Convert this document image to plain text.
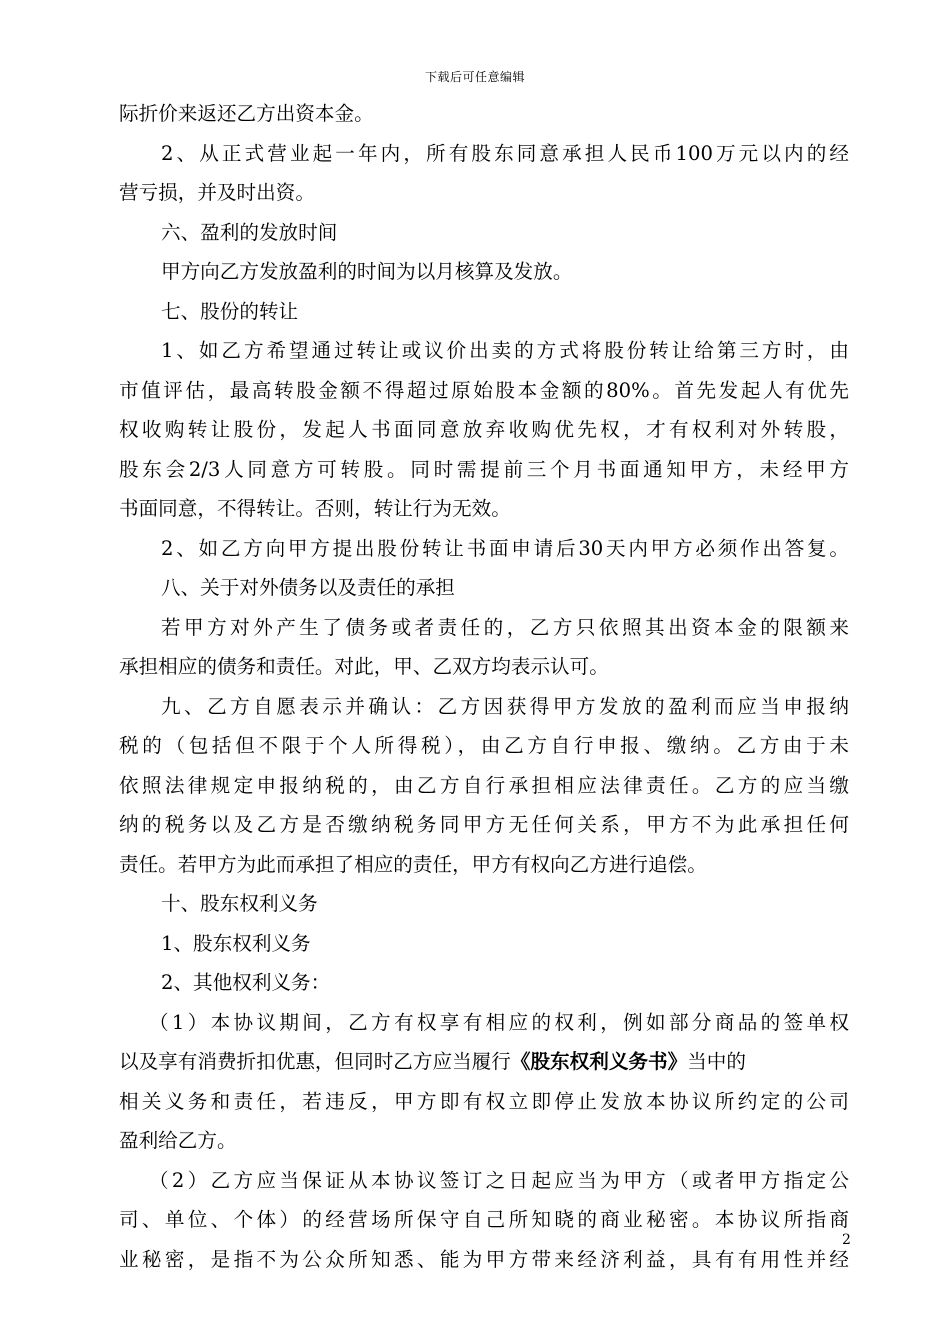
下载后可任意编辑
际折价来返还乙方出资本金。
2、从正式营业起一年内，所有股东同意承担人民币100万元以内的经
营亏损，并及时出资。
六、盈利的发放时间
甲方向乙方发放盈利的时间为以月核算及发放。
七、股份的转让
1、如乙方希望通过转让或议价出卖的方式将股份转让给第三方时，由
市值评估，最高转股金额不得超过原始股本金额的80%。首先发起人有优先
权收购转让股份，发起人书面同意放弃收购优先权，才有权利对外转股，
股东会2/3人同意方可转股。同时需提前三个月书面通知甲方，未经甲方
书面同意，不得转让。否则，转让行为无效。
2、如乙方向甲方提出股份转让书面申请后30天内甲方必须作出答复。
八、关于对外债务以及责任的承担
若甲方对外产生了债务或者责任的，乙方只依照其出资本金的限额来
承担相应的债务和责任。对此，甲、乙双方均表示认可。
九、乙方自愿表示并确认：乙方因获得甲方发放的盈利而应当申报纳
税的（包括但不限于个人所得税），由乙方自行申报、缴纳。乙方由于未
依照法律规定申报纳税的，由乙方自行承担相应法律责任。乙方的应当缴
纳的税务以及乙方是否缴纳税务同甲方无任何关系，甲方不为此承担任何
责任。若甲方为此而承担了相应的责任，甲方有权向乙方进行追偿。
十、股东权利义务
1、股东权利义务
2、其他权利义务：
（1）本协议期间，乙方有权享有相应的权利，例如部分商品的签单权
以及享有消费折扣优惠，但同时乙方应当履行《股东权利义务书》当中的
相关义务和责任，若违反，甲方即有权立即停止发放本协议所约定的公司
盈利给乙方。
（2）乙方应当保证从本协议签订之日起应当为甲方（或者甲方指定公
司、单位、个体）的经营场所保守自己所知晓的商业秘密。本协议所指商
业秘密，是指不为公众所知悉、能为甲方带来经济利益，具有有用性并经
2
